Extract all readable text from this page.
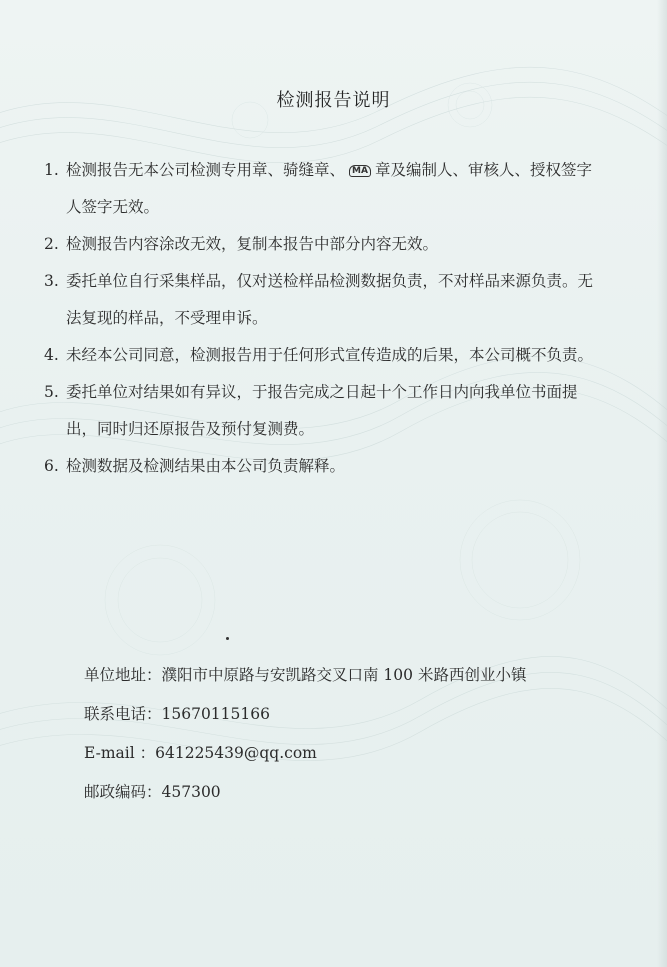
检测报告说明
1. 检测报告无本公司检测专用章、骑缝章、 MA 章及编制人、审核人、授权签字人签字无效。
2. 检测报告内容涂改无效，复制本报告中部分内容无效。
3. 委托单位自行采集样品，仅对送检样品检测数据负责，不对样品来源负责。无法复现的样品，不受理申诉。
4. 未经本公司同意，检测报告用于任何形式宣传造成的后果，本公司概不负责。
5. 委托单位对结果如有异议，于报告完成之日起十个工作日内向我单位书面提出，同时归还原报告及预付复测费。
6. 检测数据及检测结果由本公司负责解释。
单位地址：濮阳市中原路与安凯路交叉口南 100 米路西创业小镇
联系电话：15670115166
E-mail ：641225439@qq.com
邮政编码：457300
